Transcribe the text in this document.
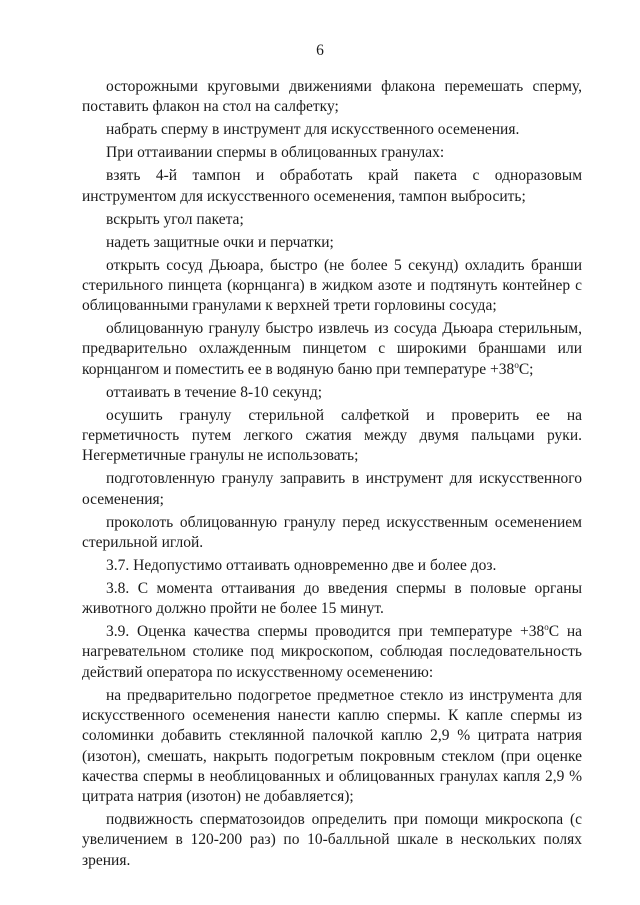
6

осторожными круговыми движениями флакона перемешать сперму, поставить флакон на стол на салфетку;

набрать сперму в инструмент для искусственного осеменения.

При оттаивании спермы в облицованных гранулах:

взять 4-й тампон и обработать край пакета с одноразовым инструментом для искусственного осеменения, тампон выбросить;

вскрыть угол пакета;

надеть защитные очки и перчатки;

открыть сосуд Дьюара, быстро (не более 5 секунд) охладить бранши стерильного пинцета (корнцанга) в жидком азоте и подтянуть контейнер с облицованными гранулами к верхней трети горловины сосуда;

облицованную гранулу быстро извлечь из сосуда Дьюара стерильным, предварительно охлажденным пинцетом с широкими браншами или корнцангом и поместить ее в водяную баню при температуре $+38^оС$;

оттаивать в течение 8-10 секунд;

осушить гранулу стерильной салфеткой и проверить ее на герметичность путем легкого сжатия между двумя пальцами руки. Негерметичные гранулы не использовать;

подготовленную гранулу заправить в инструмент для искусственного осеменения;

проколоть облицованную гранулу перед искусственным осеменением стерильной иглой.

3.7. Недопустимо оттаивать одновременно две и более доз.

3.8. С момента оттаивания до введения спермы в половые органы животного должно пройти не более 15 минут.

3.9. Оценка качества спермы проводится при температуре $+38^оС$ на нагревательном столике под микроскопом, соблюдая последовательность действий оператора по искусственному осеменению:

на предварительно подогретое предметное стекло из инструмента для искусственного осеменения нанести каплю спермы. К капле спермы из соломинки добавить стеклянной палочкой каплю 2,9 % цитрата натрия (изотон), смешать, накрыть подогретым покровным стеклом (при оценке качества спермы в необлицованных и облицованных гранулах капля 2,9 % цитрата натрия (изотон) не добавляется);

подвижность сперматозоидов определить при помощи микроскопа (с увеличением в 120-200 раз) по 10-балльной шкале в нескольких полях зрения.
